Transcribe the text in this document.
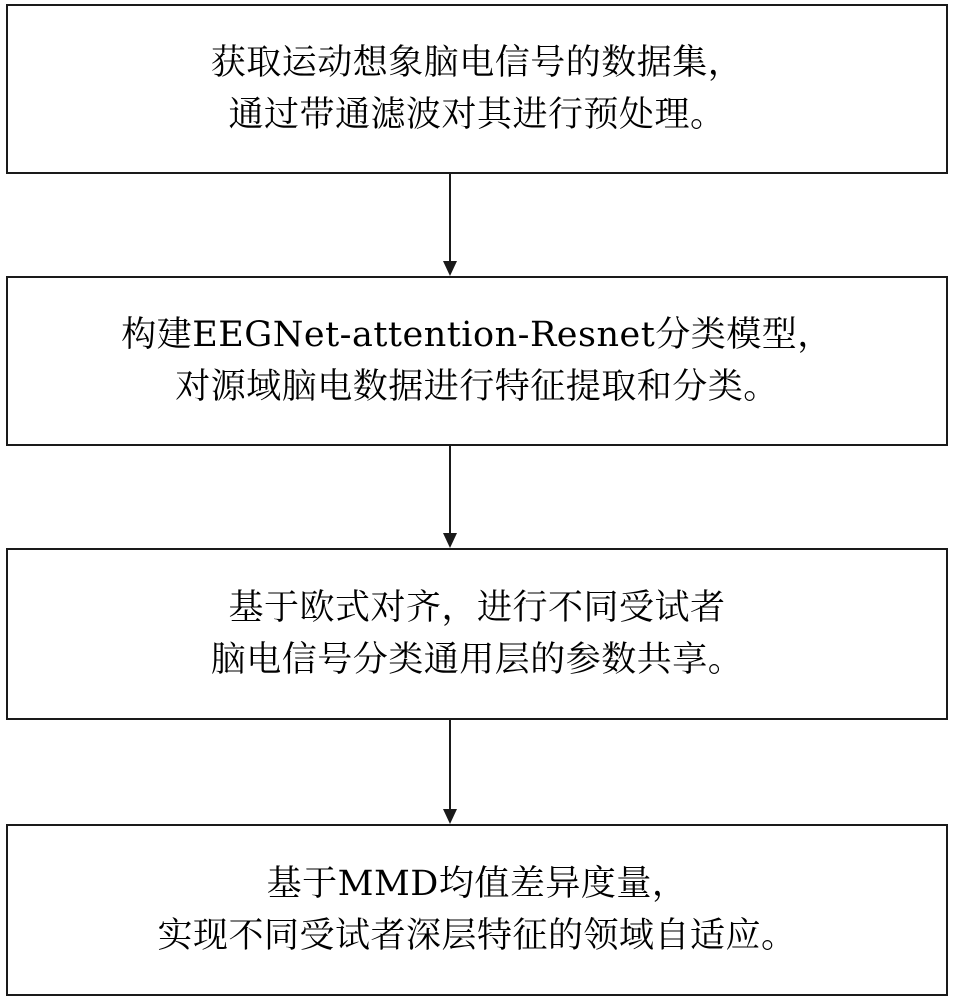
获取运动想象脑电信号的数据集，
通过带通滤波对其进行预处理。
构建EEGNet-attention-Resnet分类模型，
对源域脑电数据进行特征提取和分类。
基于欧式对齐，进行不同受试者
脑电信号分类通用层的参数共享。
基于MMD均值差异度量，
实现不同受试者深层特征的领域自适应。
